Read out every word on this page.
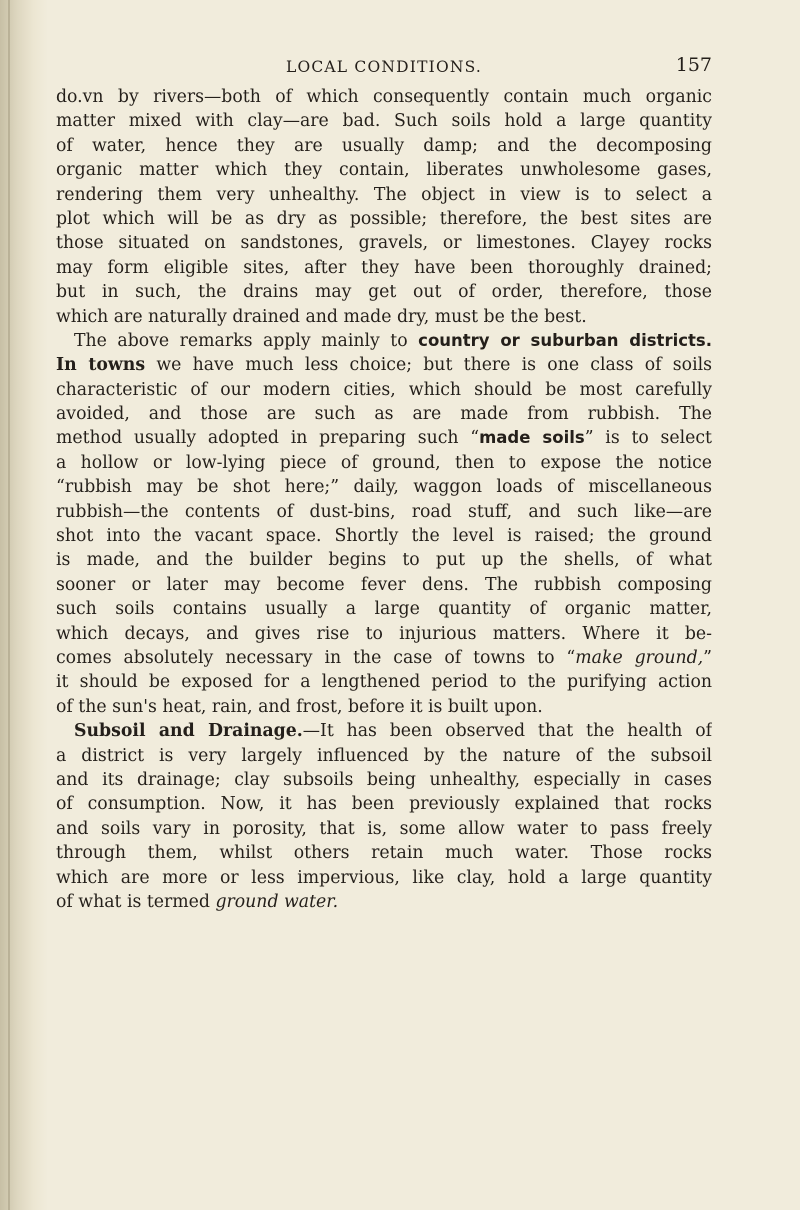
LOCAL CONDITIONS.	157
do.vn by rivers—both of which consequently contain much organic
matter mixed with clay—are bad. Such soils hold a large quantity
of water, hence they are usually damp; and the decomposing
organic matter which they contain, liberates unwholesome gases,
rendering them very unhealthy. The object in view is to select a
plot which will be as dry as possible; therefore, the best sites are
those situated on sandstones, gravels, or limestones. Clayey rocks
may form eligible sites, after they have been thoroughly drained;
but in such, the drains may get out of order, therefore, those
which are naturally drained and made dry, must be the best.
The above remarks apply mainly to country or suburban districts.
In towns we have much less choice; but there is one class of soils
characteristic of our modern cities, which should be most carefully
avoided, and those are such as are made from rubbish. The
method usually adopted in preparing such “made soils” is to select
a hollow or low-lying piece of ground, then to expose the notice
“rubbish may be shot here;” daily, waggon loads of miscellaneous
rubbish—the contents of dust-bins, road stuff, and such like—are
shot into the vacant space. Shortly the level is raised; the ground
is made, and the builder begins to put up the shells, of what
sooner or later may become fever dens. The rubbish composing
such soils contains usually a large quantity of organic matter,
which decays, and gives rise to injurious matters. Where it be-
comes absolutely necessary in the case of towns to “make ground,”
it should be exposed for a lengthened period to the purifying action
of the sun's heat, rain, and frost, before it is built upon.
Subsoil and Drainage.—It has been observed that the health of
a district is very largely influenced by the nature of the subsoil
and its drainage; clay subsoils being unhealthy, especially in cases
of consumption. Now, it has been previously explained that rocks
and soils vary in porosity, that is, some allow water to pass freely
through them, whilst others retain much water. Those rocks
which are more or less impervious, like clay, hold a large quantity
of what is termed ground water.
